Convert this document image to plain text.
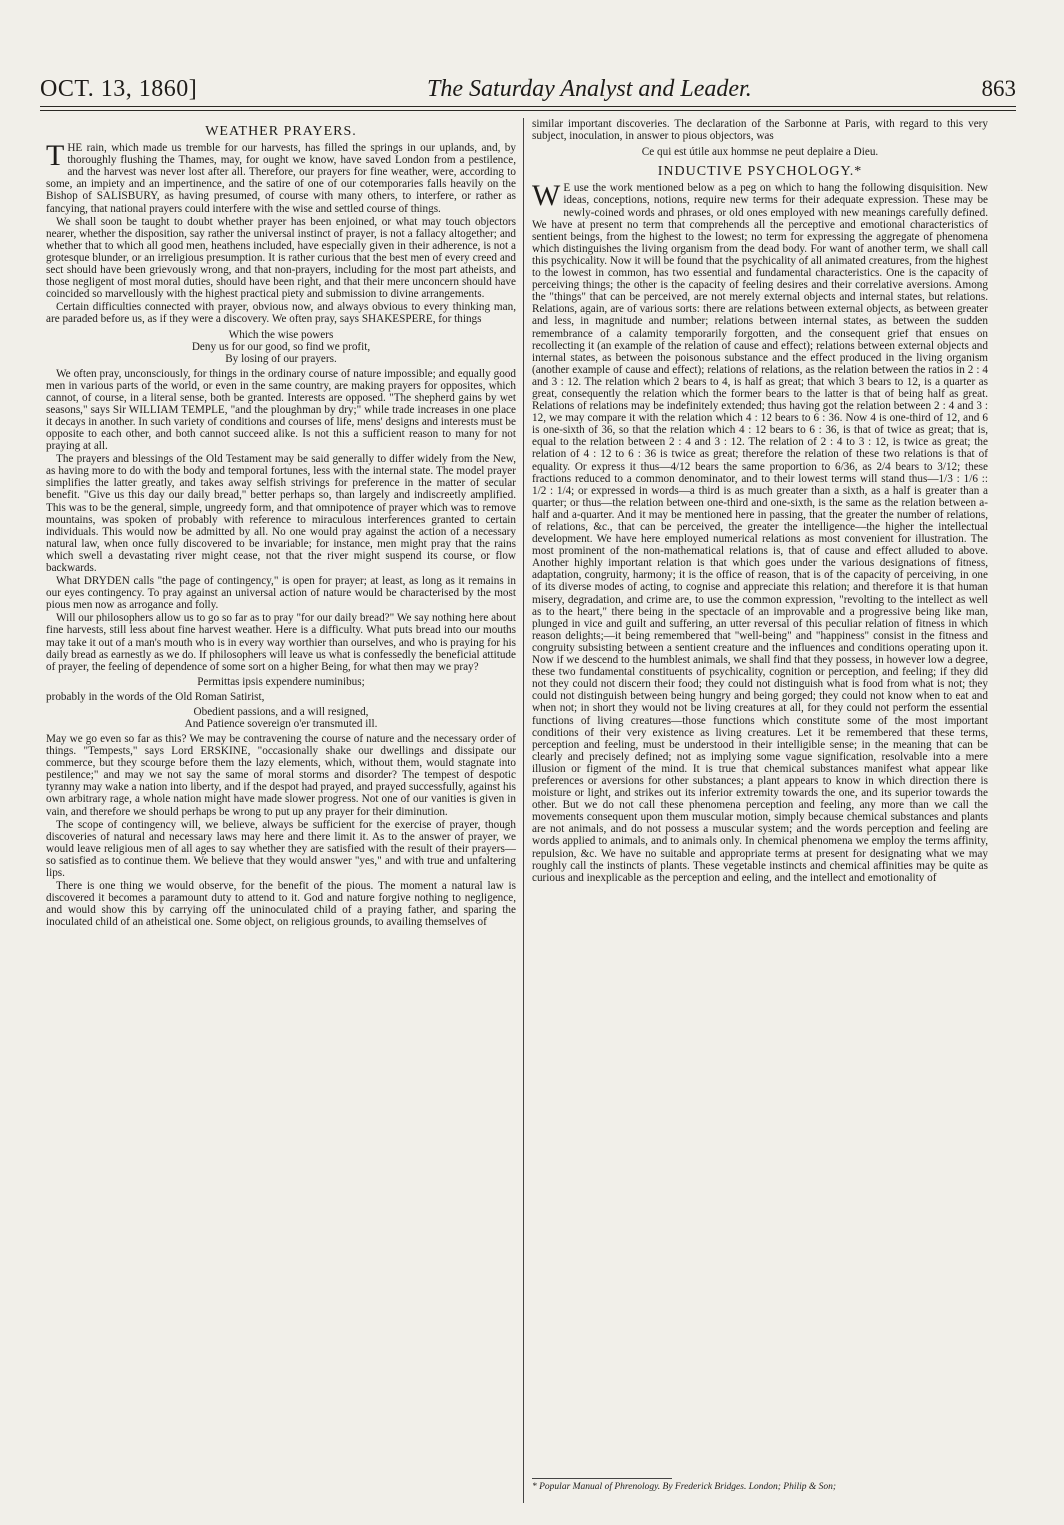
OCT. 13, 1860]	The Saturday Analyst and Leader.	863
WEATHER PRAYERS.

THE rain, which made us tremble for our harvests, has filled the springs in our uplands, and, by thoroughly flushing the Thames, may, for ought we know, have saved London from a pestilence, and the harvest was never lost after all. Therefore, our prayers for fine weather, were, according to some, an impiety and an impertinence, and the satire of one of our cotemporaries falls heavily on the Bishop of SALISBURY, as having presumed, of course with many others, to interfere, or rather as fancying, that national prayers could interfere with the wise and settled course of things.

We shall soon be taught to doubt whether prayer has been enjoined, or what may touch objectors nearer, whether the disposition, say rather the universal instinct of prayer, is not a fallacy altogether; and whether that to which all good men, heathens included, have especially given in their adherence, is not a grotesque blunder, or an irreligious presumption. It is rather curious that the best men of every creed and sect should have been grievously wrong, and that non-prayers, including for the most part atheists, and those negligent of most moral duties, should have been right, and that their mere unconcern should have coincided so marvellously with the highest practical piety and submission to divine arrangements.

Certain difficulties connected with prayer, obvious now, and always obvious to every thinking man, are paraded before us, as if they were a discovery. We often pray, says SHAKESPERE, for things

Which the wise powers
Deny us for our good, so find we profit,
By losing of our prayers.

We often pray, unconsciously, for things in the ordinary course of nature impossible; and equally good men in various parts of the world, or even in the same country, are making prayers for opposites, which cannot, of course, in a literal sense, both be granted. Interests are opposed. "The shepherd gains by wet seasons," says Sir WILLIAM TEMPLE, "and the ploughman by dry;" while trade increases in one place it decays in another. In such variety of conditions and courses of life, mens' designs and interests must be opposite to each other, and both cannot succeed alike. Is not this a sufficient reason to many for not praying at all.

The prayers and blessings of the Old Testament may be said generally to differ widely from the New, as having more to do with the body and temporal fortunes, less with the internal state. The model prayer simplifies the latter greatly, and takes away selfish strivings for preference in the matter of secular benefit. "Give us this day our daily bread," better perhaps so, than largely and indiscreetly amplified. This was to be the general, simple, ungreedy form, and that omnipotence of prayer which was to remove mountains, was spoken of probably with reference to miraculous interferences granted to certain individuals. This would now be admitted by all. No one would pray against the action of a necessary natural law, when once fully discovered to be invariable; for instance, men might pray that the rains which swell a devastating river might cease, not that the river might suspend its course, or flow backwards.

What DRYDEN calls "the page of contingency," is open for prayer; at least, as long as it remains in our eyes contingency. To pray against an universal action of nature would be characterised by the most pious men now as arrogance and folly.

Will our philosophers allow us to go so far as to pray "for our daily bread?" We say nothing here about fine harvests, still less about fine harvest weather. Here is a difficulty. What puts bread into our mouths may take it out of a man's mouth who is in every way worthier than ourselves, and who is praying for his daily bread as earnestly as we do. If philosophers will leave us what is confessedly the beneficial attitude of prayer, the feeling of dependence of some sort on a higher Being, for what then may we pray?

Permittas ipsis expendere numinibus;

probably in the words of the Old Roman Satirist,

Obedient passions, and a will resigned,
And Patience sovereign o'er transmuted ill.

May we go even so far as this? We may be contravening the course of nature and the necessary order of things. "Tempests," says Lord ERSKINE, "occasionally shake our dwellings and dissipate our commerce, but they scourge before them the lazy elements, which, without them, would stagnate into pestilence;" and may we not say the same of moral storms and disorder? The tempest of despotic tyranny may wake a nation into liberty, and if the despot had prayed, and prayed successfully, against his own arbitrary rage, a whole nation might have made slower progress. Not one of our vanities is given in vain, and therefore we should perhaps be wrong to put up any prayer for their diminution.

The scope of contingency will, we believe, always be sufficient for the exercise of prayer, though discoveries of natural and necessary laws may here and there limit it. As to the answer of prayer, we would leave religious men of all ages to say whether they are satisfied with the result of their prayers—so satisfied as to continue them. We believe that they would answer "yes," and with true and unfaltering lips.

There is one thing we would observe, for the benefit of the pious. The moment a natural law is discovered it becomes a paramount duty to attend to it. God and nature forgive nothing to negligence, and would show this by carrying off the uninoculated child of a praying father, and sparing the inoculated child of an atheistical one. Some object, on religious grounds, to availing themselves of

similar important discoveries. The declaration of the Sarbonne at Paris, with regard to this very subject, inoculation, in answer to pious objectors, was

Ce qui est útile aux hommse ne peut deplaire a Dieu.
INDUCTIVE PSYCHOLOGY.*

WE use the work mentioned below as a peg on which to hang the following disquisition. New ideas, conceptions, notions, require new terms for their adequate expression. These may be newly-coined words and phrases, or old ones employed with new meanings carefully defined. We have at present no term that comprehends all the perceptive and emotional characteristics of sentient beings, from the highest to the lowest; no term for expressing the aggregate of phenomena which distinguishes the living organism from the dead body. For want of another term, we shall call this psychicality. Now it will be found that the psychicality of all animated creatures, from the highest to the lowest in common, has two essential and fundamental characteristics. One is the capacity of perceiving things; the other is the capacity of feeling desires and their correlative aversions. Among the "things" that can be perceived, are not merely external objects and internal states, but relations. Relations, again, are of various sorts: there are relations between external objects, as between greater and less, in magnitude and number; relations between internal states, as between the sudden remembrance of a calamity temporarily forgotten, and the consequent grief that ensues on recollecting it (an example of the relation of cause and effect); relations between external objects and internal states, as between the poisonous substance and the effect produced in the living organism (another example of cause and effect); relations of relations, as the relation between the ratios in 2 : 4 and 3 : 12. The relation which 2 bears to 4, is half as great; that which 3 bears to 12, is a quarter as great, consequently the relation which the former bears to the latter is that of being half as great. Relations of relations may be indefinitely extended; thus having got the relation between 2 : 4 and 3 : 12, we may compare it with the relation which 4 : 12 bears to 6 : 36. Now 4 is one-third of 12, and 6 is one-sixth of 36, so that the relation which 4 : 12 bears to 6 : 36, is that of twice as great; that is, equal to the relation between 2 : 4 and 3 : 12. The relation of 2 : 4 to 3 : 12, is twice as great; the relation of 4 : 12 to 6 : 36 is twice as great; therefore the relation of these two relations is that of equality. Or express it thus—4/12 bears the same proportion to 6/36, as 2/4 bears to 3/12; these fractions reduced to a common denominator, and to their lowest terms will stand thus—1/3 : 1/6 :: 1/2 : 1/4; or expressed in words—a third is as much greater than a sixth, as a half is greater than a quarter; or thus—the relation between one-third and one-sixth, is the same as the relation between a-half and a-quarter. And it may be mentioned here in passing, that the greater the number of relations, of relations, &c., that can be perceived, the greater the intelligence—the higher the intellectual development. We have here employed numerical relations as most convenient for illustration. The most prominent of the non-mathematical relations is, that of cause and effect alluded to above. Another highly important relation is that which goes under the various designations of fitness, adaptation, congruity, harmony; it is the office of reason, that is of the capacity of perceiving, in one of its diverse modes of acting, to cognise and appreciate this relation; and therefore it is that human misery, degradation, and crime are, to use the common expression, "revolting to the intellect as well as to the heart," there being in the spectacle of an improvable and a progressive being like man, plunged in vice and guilt and suffering, an utter reversal of this peculiar relation of fitness in which reason delights;—it being remembered that "well-being" and "happiness" consist in the fitness and congruity subsisting between a sentient creature and the influences and conditions operating upon it. Now if we descend to the humblest animals, we shall find that they possess, in however low a degree, these two fundamental constituents of psychicality, cognition or perception, and feeling; if they did not they could not discern their food; they could not distinguish what is food from what is not; they could not distinguish between being hungry and being gorged; they could not know when to eat and when not; in short they would not be living creatures at all, for they could not perform the essential functions of living creatures—those functions which constitute some of the most important conditions of their very existence as living creatures. Let it be remembered that these terms, perception and feeling, must be understood in their intelligible sense; in the meaning that can be clearly and precisely defined; not as implying some vague signification, resolvable into a mere illusion or figment of the mind. It is true that chemical substances manifest what appear like preferences or aversions for other substances; a plant appears to know in which direction there is moisture or light, and strikes out its inferior extremity towards the one, and its superior towards the other. But we do not call these phenomena perception and feeling, any more than we call the movements consequent upon them muscular motion, simply because chemical substances and plants are not animals, and do not possess a muscular system; and the words perception and feeling are words applied to animals, and to animals only. In chemical phenomena we employ the terms affinity, repulsion, &c. We have no suitable and appropriate terms at present for designating what we may roughly call the instincts of plants. These vegetable instincts and chemical affinities may be quite as curious and inexplicable as the perception and eeling, and the intellect and emotionality of

* Popular Manual of Phrenology. By Frederick Bridges. London; Philip & Son;
